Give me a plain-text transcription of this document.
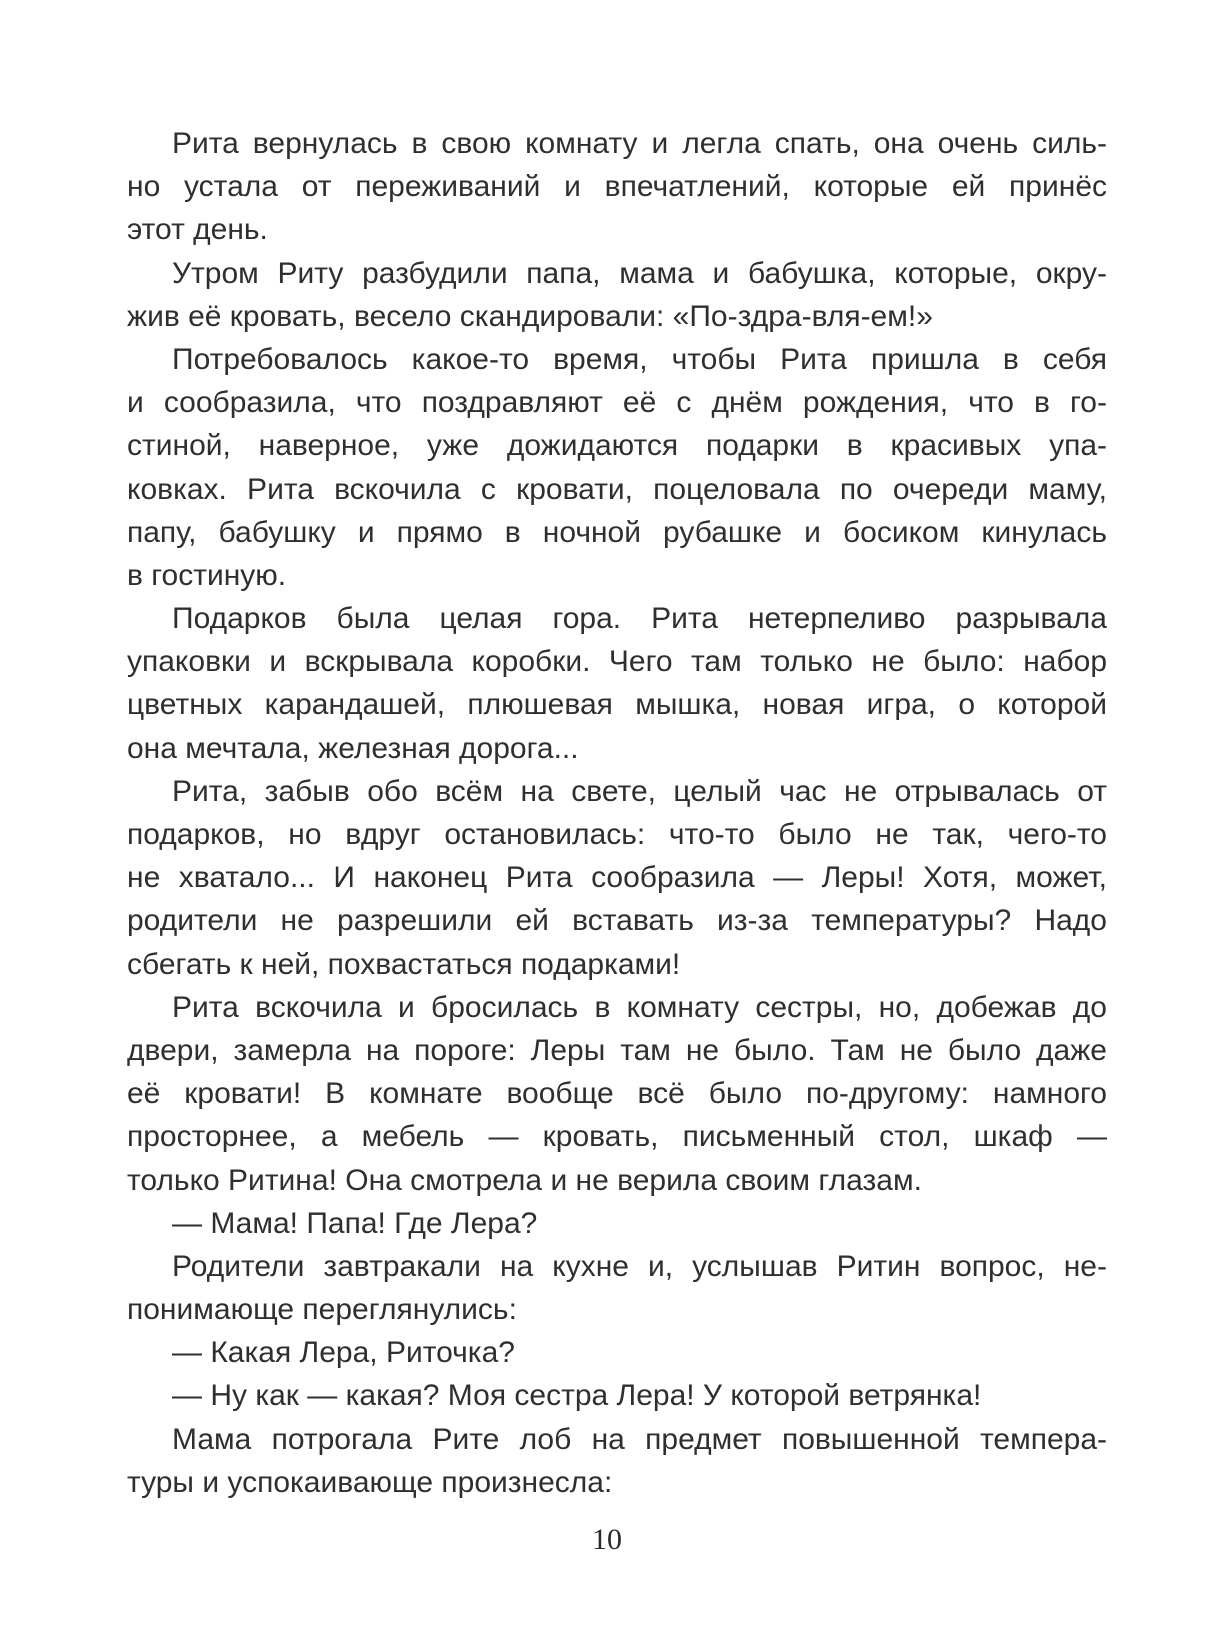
Рита вернулась в свою комнату и легла спать, она очень силь-
но устала от переживаний и впечатлений, которые ей принёс
этот день.
Утром Риту разбудили папа, мама и бабушка, которые, окру-
жив её кровать, весело скандировали: «По-здра-вля-ем!»
Потребовалось какое-то время, чтобы Рита пришла в себя
и сообразила, что поздравляют её с днём рождения, что в го-
стиной, наверное, уже дожидаются подарки в красивых упа-
ковках. Рита вскочила с кровати, поцеловала по очереди маму,
папу, бабушку и прямо в ночной рубашке и босиком кинулась
в гостиную.
Подарков была целая гора. Рита нетерпеливо разрывала
упаковки и вскрывала коробки. Чего там только не было: набор
цветных карандашей, плюшевая мышка, новая игра, о которой
она мечтала, железная дорога...
Рита, забыв обо всём на свете, целый час не отрывалась от
подарков, но вдруг остановилась: что-то было не так, чего-то
не хватало... И наконец Рита сообразила — Леры! Хотя, может,
родители не разрешили ей вставать из-за температуры? Надо
сбегать к ней, похвастаться подарками!
Рита вскочила и бросилась в комнату сестры, но, добежав до
двери, замерла на пороге: Леры там не было. Там не было даже
её кровати! В комнате вообще всё было по-другому: намного
просторнее, а мебель — кровать, письменный стол, шкаф —
только Ритина! Она смотрела и не верила своим глазам.
— Мама! Папа! Где Лера?
Родители завтракали на кухне и, услышав Ритин вопрос, не-
понимающе переглянулись:
— Какая Лера, Риточка?
— Ну как — какая? Моя сестра Лера! У которой ветрянка!
Мама потрогала Рите лоб на предмет повышенной темпера-
туры и успокаивающе произнесла:
10
